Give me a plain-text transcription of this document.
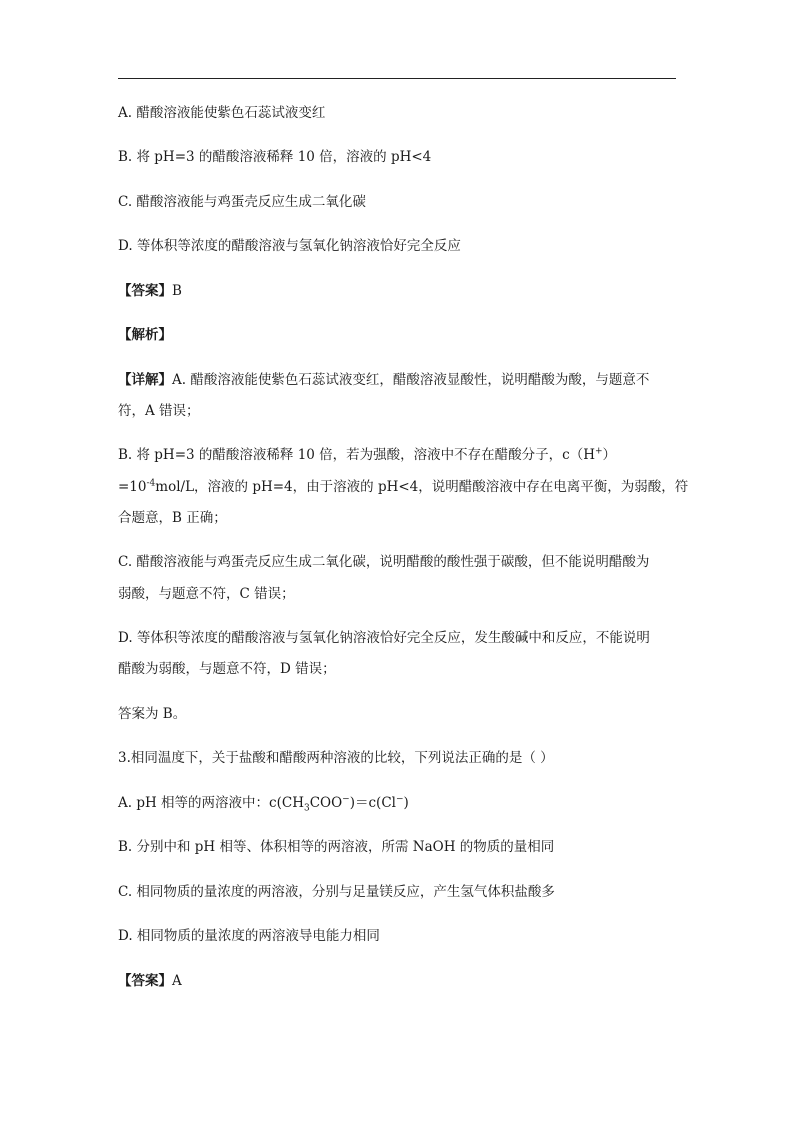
A. 醋酸溶液能使紫色石蕊试液变红
B. 将 pH=3 的醋酸溶液稀释 10 倍，溶液的 pH<4
C. 醋酸溶液能与鸡蛋壳反应生成二氧化碳
D. 等体积等浓度的醋酸溶液与氢氧化钠溶液恰好完全反应
【答案】B
【解析】
【详解】A. 醋酸溶液能使紫色石蕊试液变红，醋酸溶液显酸性，说明醋酸为酸，与题意不
符，A 错误；
B. 将 pH=3 的醋酸溶液稀释 10 倍，若为强酸，溶液中不存在醋酸分子，c（H+）
$=10^{-4}mol/L$，溶液的 pH=4，由于溶液的 pH<4，说明醋酸溶液中存在电离平衡，为弱酸，符
合题意，B 正确；
C. 醋酸溶液能与鸡蛋壳反应生成二氧化碳，说明醋酸的酸性强于碳酸，但不能说明醋酸为
弱酸，与题意不符，C 错误；
D. 等体积等浓度的醋酸溶液与氢氧化钠溶液恰好完全反应，发生酸碱中和反应，不能说明
醋酸为弱酸，与题意不符，D 错误；
答案为 B。
3.相同温度下，关于盐酸和醋酸两种溶液的比较，下列说法正确的是（ ）
A. pH 相等的两溶液中：$c(CH_3COO^-)=c(Cl^-)$
B. 分别中和 pH 相等、体积相等的两溶液，所需 NaOH 的物质的量相同
C. 相同物质的量浓度的两溶液，分别与足量镁反应，产生氢气体积盐酸多
D. 相同物质的量浓度的两溶液导电能力相同
【答案】A
